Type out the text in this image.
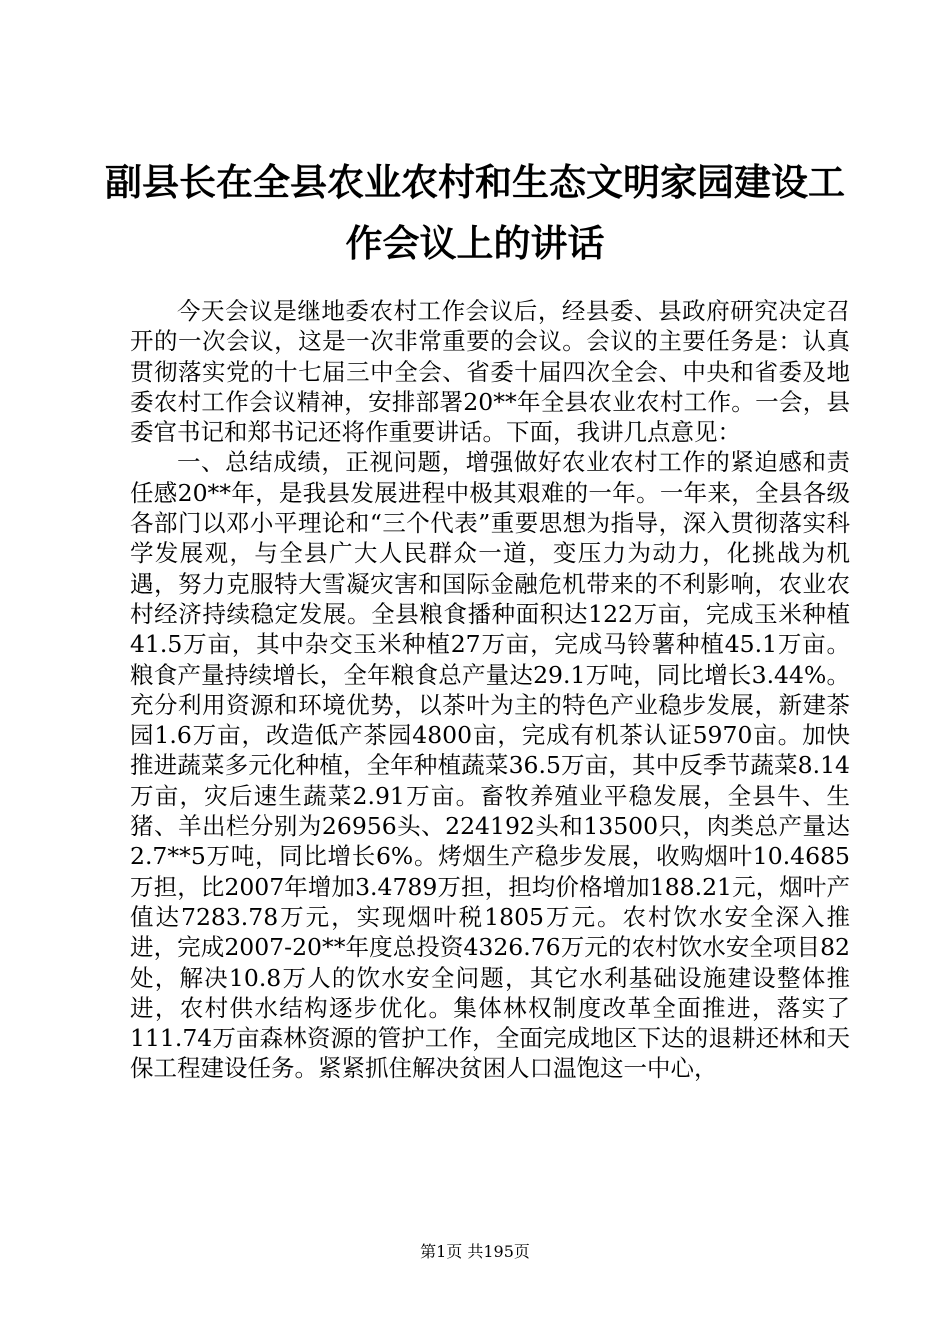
副县长在全县农业农村和生态文明家园建设工
作会议上的讲话

今天会议是继地委农村工作会议后，经县委、县政府研究决定召开的一次会议，这是一次非常重要的会议。会议的主要任务是：认真贯彻落实党的十七届三中全会、省委十届四次全会、中央和省委及地委农村工作会议精神，安排部署20**年全县农业农村工作。一会，县委官书记和郑书记还将作重要讲话。下面，我讲几点意见：

一、总结成绩，正视问题，增强做好农业农村工作的紧迫感和责任感20**年，是我县发展进程中极其艰难的一年。一年来，全县各级各部门以邓小平理论和“三个代表”重要思想为指导，深入贯彻落实科学发展观，与全县广大人民群众一道，变压力为动力，化挑战为机遇，努力克服特大雪凝灾害和国际金融危机带来的不利影响，农业农村经济持续稳定发展。全县粮食播种面积达122万亩，完成玉米种植41.5万亩，其中杂交玉米种植27万亩，完成马铃薯种植45.1万亩。粮食产量持续增长，全年粮食总产量达29.1万吨，同比增长3.44%。充分利用资源和环境优势，以茶叶为主的特色产业稳步发展，新建茶园1.6万亩，改造低产茶园4800亩，完成有机茶认证5970亩。加快推进蔬菜多元化种植，全年种植蔬菜36.5万亩，其中反季节蔬菜8.14万亩，灾后速生蔬菜2.91万亩。畜牧养殖业平稳发展，全县牛、生猪、羊出栏分别为26956头、224192头和13500只，肉类总产量达2.7**5万吨，同比增长6%。烤烟生产稳步发展，收购烟叶10.4685万担，比2007年增加3.4789万担，担均价格增加188.21元，烟叶产值达7283.78万元，实现烟叶税1805万元。农村饮水安全深入推进，完成2007-20**年度总投资4326.76万元的农村饮水安全项目82处，解决10.8万人的饮水安全问题，其它水利基础设施建设整体推进，农村供水结构逐步优化。集体林权制度改革全面推进，落实了111.74万亩森林资源的管护工作，全面完成地区下达的退耕还林和天保工程建设任务。紧紧抓住解决贫困人口温饱这一中心，

第1页 共195页
